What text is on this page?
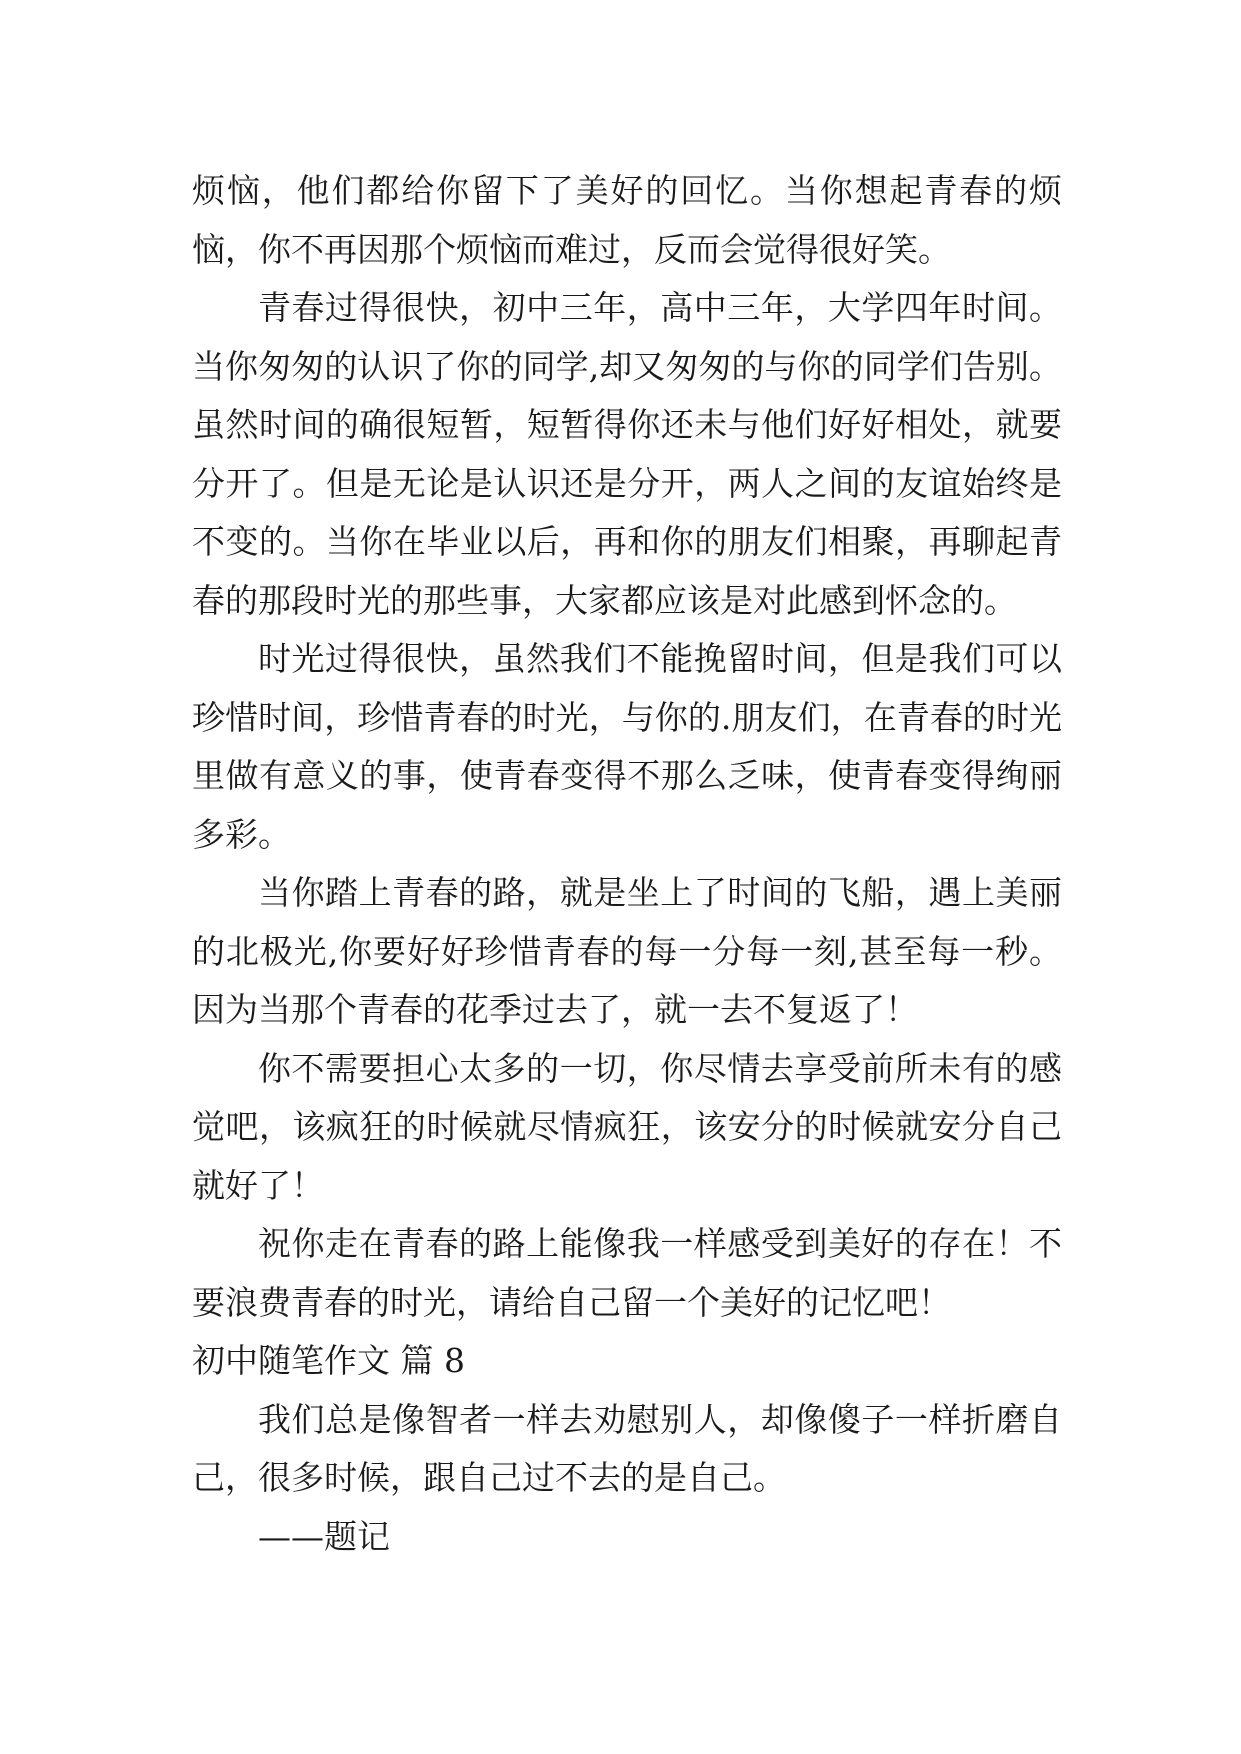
烦恼，他们都给你留下了美好的回忆。当你想起青春的烦恼，你不再因那个烦恼而难过，反而会觉得很好笑。

青春过得很快，初中三年，高中三年，大学四年时间。当你匆匆的认识了你的同学,却又匆匆的与你的同学们告别。虽然时间的确很短暂，短暂得你还未与他们好好相处，就要分开了。但是无论是认识还是分开，两人之间的友谊始终是不变的。当你在毕业以后，再和你的朋友们相聚，再聊起青春的那段时光的那些事，大家都应该是对此感到怀念的。

时光过得很快，虽然我们不能挽留时间，但是我们可以珍惜时间，珍惜青春的时光，与你的.朋友们，在青春的时光里做有意义的事，使青春变得不那么乏味，使青春变得绚丽多彩。

当你踏上青春的路，就是坐上了时间的飞船，遇上美丽的北极光,你要好好珍惜青春的每一分每一刻,甚至每一秒。因为当那个青春的花季过去了，就一去不复返了！

你不需要担心太多的一切，你尽情去享受前所未有的感觉吧，该疯狂的时候就尽情疯狂，该安分的时候就安分自己就好了！

祝你走在青春的路上能像我一样感受到美好的存在！不要浪费青春的时光，请给自己留一个美好的记忆吧！

初中随笔作文 篇 8

我们总是像智者一样去劝慰别人，却像傻子一样折磨自己，很多时候，跟自己过不去的是自己。

——题记
